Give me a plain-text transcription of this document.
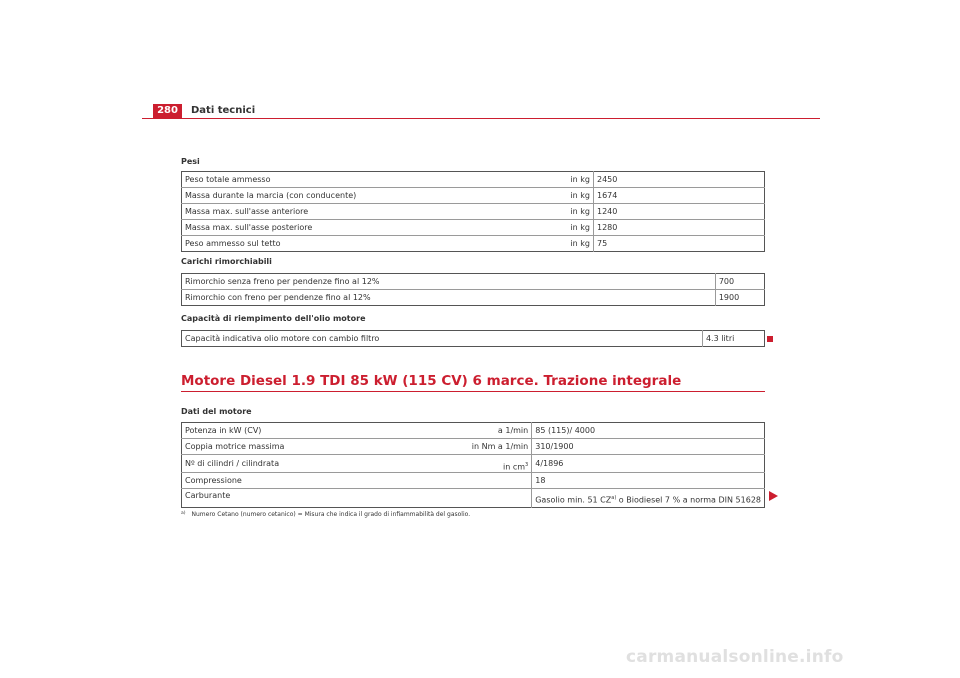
280	Dati tecnici
Pesi
Peso totale ammesso	in kg	2450
Massa durante la marcia (con conducente)	in kg	1674
Massa max. sull'asse anteriore	in kg	1240
Massa max. sull'asse posteriore	in kg	1280
Peso ammesso sul tetto	in kg	75
Carichi rimorchiabili
Rimorchio senza freno per pendenze fino al 12%	700
Rimorchio con freno per pendenze fino al 12%	1900
Capacità di riempimento dell'olio motore
Capacità indicativa olio motore con cambio filtro	4.3 litri
Motore Diesel 1.9 TDI 85 kW (115 CV) 6 marce. Trazione integrale
Dati del motore
Potenza in kW (CV)	a 1/min	85 (115)/ 4000
Coppia motrice massima	in Nm a 1/min	310/1900
Nº di cilindri / cilindrata	in $cm^3$	4/1896
Compressione		18
Carburante		Gasolio min. 51 CZ$^{a)}$ o Biodiesel 7 % a norma DIN 51628
$^{a)}$ Numero Cetano (numero cetanico) = Misura che indica il grado di infiammabilità del gasolio.
carmanualsonline.info
